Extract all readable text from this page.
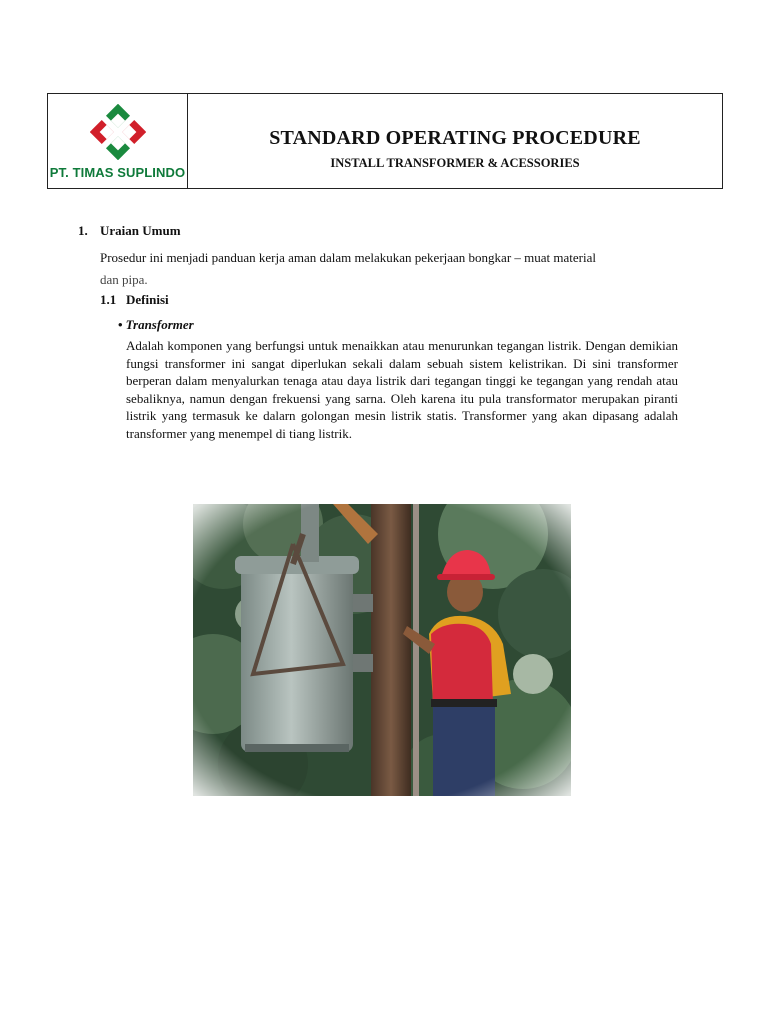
PT. TIMAS SUPLINDO
STANDARD OPERATING PROCEDURE
INSTALL TRANSFORMER & ACESSORIES
1. Uraian Umum
Prosedur ini menjadi panduan kerja aman dalam melakukan pekerjaan bongkar – muat material
dan pipa.
1.1 Definisi
• Transformer
Adalah komponen yang berfungsi untuk menaikkan atau menurunkan tegangan listrik. Dengan demikian fungsi transformer ini sangat diperlukan sekali dalam sebuah sistem kelistrikan. Di sini transformer berperan dalam menyalurkan tenaga atau daya listrik dari tegangan tinggi ke tegangan yang rendah atau sebaliknya, namun dengan frekuensi yang sarna. Oleh karena itu pula transformator merupakan piranti listrik yang termasuk ke dalarn golongan mesin listrik statis. Transformer yang akan dipasang adalah transformer yang menempel di tiang listrik.
